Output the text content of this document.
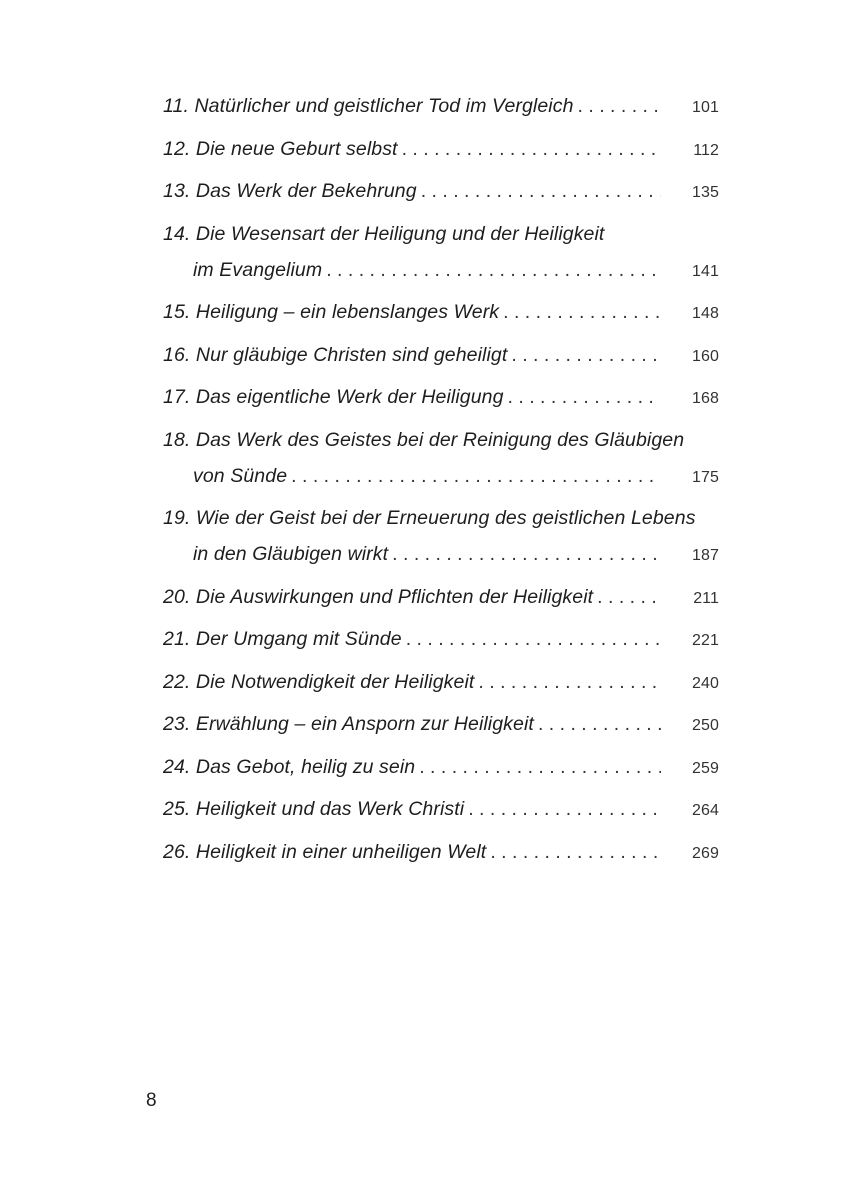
11. Natürlicher und geistlicher Tod im Vergleich . . .	101
12. Die neue Geburt selbst . . .	112
13. Das Werk der Bekehrung . . .	135
14. Die Wesensart der Heiligung und der Heiligkeit
im Evangelium . . .	141
15. Heiligung – ein lebenslanges Werk . . .	148
16. Nur gläubige Christen sind geheiligt . . .	160
17. Das eigentliche Werk der Heiligung . . .	168
18. Das Werk des Geistes bei der Reinigung des Gläubigen
von Sünde . . .	175
19. Wie der Geist bei der Erneuerung des geistlichen Lebens
in den Gläubigen wirkt . . .	187
20. Die Auswirkungen und Pflichten der Heiligkeit . . .	211
21. Der Umgang mit Sünde . . .	221
22. Die Notwendigkeit der Heiligkeit . . .	240
23. Erwählung – ein Ansporn zur Heiligkeit . . .	250
24. Das Gebot, heilig zu sein . . .	259
25. Heiligkeit und das Werk Christi . . .	264
26. Heiligkeit in einer unheiligen Welt . . .	269
8
